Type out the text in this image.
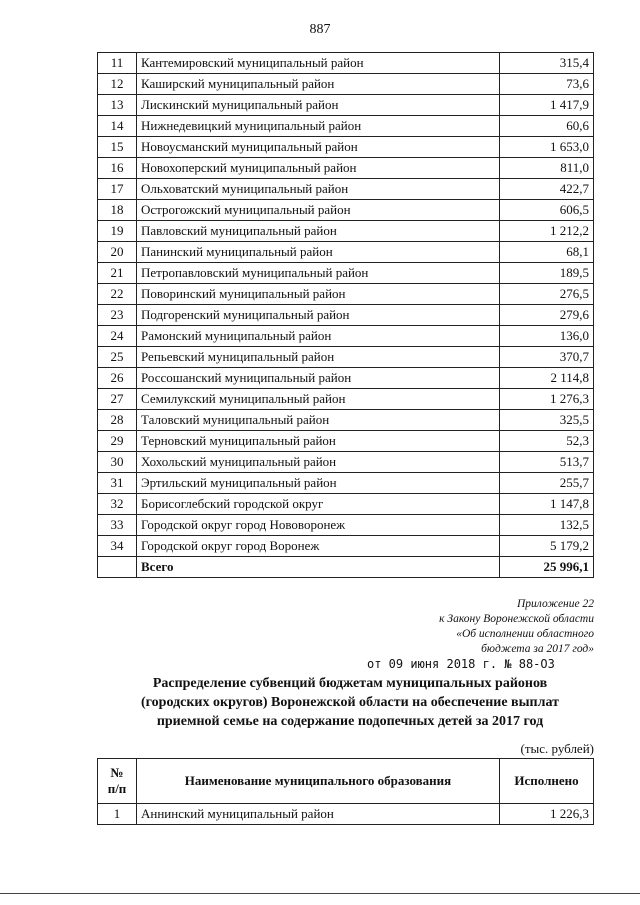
887
11	Кантемировский муниципальный район	315,4
12	Каширский муниципальный район	73,6
13	Лискинский муниципальный район	1 417,9
14	Нижнедевицкий муниципальный район	60,6
15	Новоусманский муниципальный район	1 653,0
16	Новохоперский муниципальный район	811,0
17	Ольховатский муниципальный район	422,7
18	Острогожский муниципальный район	606,5
19	Павловский муниципальный район	1 212,2
20	Панинский муниципальный район	68,1
21	Петропавловский муниципальный район	189,5
22	Поворинский муниципальный район	276,5
23	Подгоренский муниципальный район	279,6
24	Рамонский муниципальный район	136,0
25	Репьевский муниципальный район	370,7
26	Россошанский муниципальный район	2 114,8
27	Семилукский муниципальный район	1 276,3
28	Таловский муниципальный район	325,5
29	Терновский муниципальный район	52,3
30	Хохольский муниципальный район	513,7
31	Эртильский муниципальный район	255,7
32	Борисоглебский городской округ	1 147,8
33	Городской округ город Нововоронеж	132,5
34	Городской округ город Воронеж	5 179,2
	Всего	25 996,1
Приложение 22
к Закону Воронежской области
«Об исполнении областного
бюджета за 2017 год»
от 09 июня 2018 г. № 88-ОЗ
Распределение субвенций бюджетам муниципальных районов
(городских округов) Воронежской области на обеспечение выплат
приемной семье на содержание подопечных детей за 2017 год
(тыс. рублей)
№
п/п	Наименование муниципального образования	Исполнено
1	Аннинский муниципальный район	1 226,3
